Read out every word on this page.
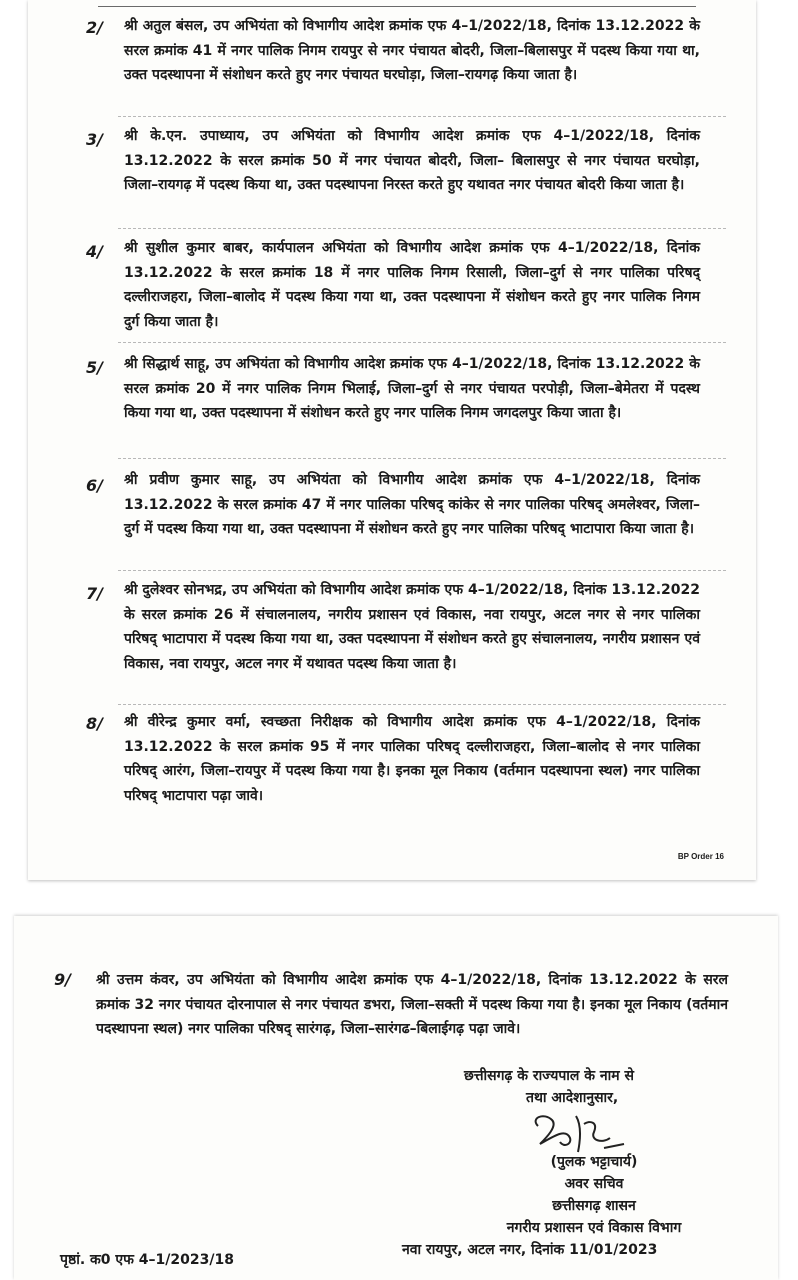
2/ श्री अतुल बंसल, उप अभियंता को विभागीय आदेश क्रमांक एफ 4–1/2022/18, दिनांक 13.12.2022 के सरल क्रमांक 41 में नगर पालिक निगम रायपुर से नगर पंचायत बोदरी, जिला–बिलासपुर में पदस्थ किया गया था, उक्त पदस्थापना में संशोधन करते हुए नगर पंचायत घरघोड़ा, जिला–रायगढ़ किया जाता है।
3/ श्री के.एन. उपाध्याय, उप अभियंता को विभागीय आदेश क्रमांक एफ 4–1/2022/18, दिनांक 13.12.2022 के सरल क्रमांक 50 में नगर पंचायत बोदरी, जिला– बिलासपुर से नगर पंचायत घरघोड़ा, जिला–रायगढ़ में पदस्थ किया था, उक्त पदस्थापना निरस्त करते हुए यथावत नगर पंचायत बोदरी किया जाता है।
4/ श्री सुशील कुमार बाबर, कार्यपालन अभियंता को विभागीय आदेश क्रमांक एफ 4–1/2022/18, दिनांक 13.12.2022 के सरल क्रमांक 18 में नगर पालिक निगम रिसाली, जिला–दुर्ग से नगर पालिका परिषद् दल्लीराजहरा, जिला–बालोद में पदस्थ किया गया था, उक्त पदस्थापना में संशोधन करते हुए नगर पालिक निगम दुर्ग किया जाता है।
5/ श्री सिद्धार्थ साहू, उप अभियंता को विभागीय आदेश क्रमांक एफ 4–1/2022/18, दिनांक 13.12.2022 के सरल क्रमांक 20 में नगर पालिक निगम भिलाई, जिला–दुर्ग से नगर पंचायत परपोड़ी, जिला–बेमेतरा में पदस्थ किया गया था, उक्त पदस्थापना में संशोधन करते हुए नगर पालिक निगम जगदलपुर किया जाता है।
6/ श्री प्रवीण कुमार साहू, उप अभियंता को विभागीय आदेश क्रमांक एफ 4–1/2022/18, दिनांक 13.12.2022 के सरल क्रमांक 47 में नगर पालिका परिषद् कांकेर से नगर पालिका परिषद् अमलेश्वर, जिला–दुर्ग में पदस्थ किया गया था, उक्त पदस्थापना में संशोधन करते हुए नगर पालिका परिषद् भाटापारा किया जाता है।
7/ श्री दुलेश्वर सोनभद्र, उप अभियंता को विभागीय आदेश क्रमांक एफ 4–1/2022/18, दिनांक 13.12.2022 के सरल क्रमांक 26 में संचालनालय, नगरीय प्रशासन एवं विकास, नवा रायपुर, अटल नगर से नगर पालिका परिषद् भाटापारा में पदस्थ किया गया था, उक्त पदस्थापना में संशोधन करते हुए संचालनालय, नगरीय प्रशासन एवं विकास, नवा रायपुर, अटल नगर में यथावत पदस्थ किया जाता है।
8/ श्री वीरेन्द्र कुमार वर्मा, स्वच्छता निरीक्षक को विभागीय आदेश क्रमांक एफ 4–1/2022/18, दिनांक 13.12.2022 के सरल क्रमांक 95 में नगर पालिका परिषद् दल्लीराजहरा, जिला–बालोद से नगर पालिका परिषद् आरंग, जिला–रायपुर में पदस्थ किया गया है। इनका मूल निकाय (वर्तमान पदस्थापना स्थल) नगर पालिका परिषद् भाटापारा पढ़ा जावे।
BP Order 16
9/ श्री उत्तम कंवर, उप अभियंता को विभागीय आदेश क्रमांक एफ 4–1/2022/18, दिनांक 13.12.2022 के सरल क्रमांक 32 नगर पंचायत दोरनापाल से नगर पंचायत डभरा, जिला–सक्ती में पदस्थ किया गया है। इनका मूल निकाय (वर्तमान पदस्थापना स्थल) नगर पालिका परिषद् सारंगढ़, जिला–सारंगढ–बिलाईगढ़ पढ़ा जावे।
छत्तीसगढ़ के राज्यपाल के नाम से
तथा आदेशानुसार,
(पुलक भट्टाचार्य)
अवर सचिव
छत्तीसगढ़ शासन
नगरीय प्रशासन एवं विकास विभाग
पृष्ठां. क0 एफ 4–1/2023/18
नवा रायपुर, अटल नगर, दिनांक 11/01/2023
